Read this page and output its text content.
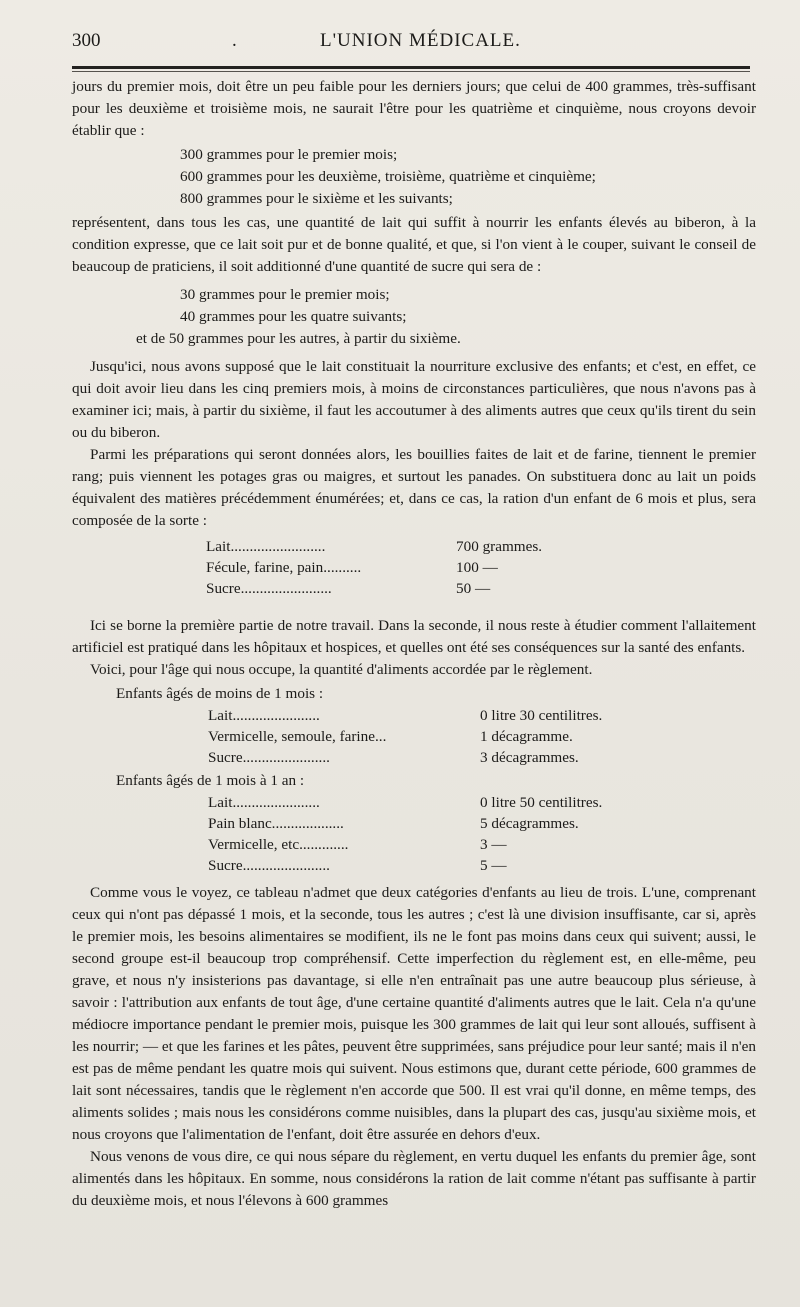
300	.	L'UNION MÉDICALE.

jours du premier mois, doit être un peu faible pour les derniers jours; que celui de 400 grammes, très-suffisant pour les deuxième et troisième mois, ne saurait l'être pour les quatrième et cinquième, nous croyons devoir établir que :

300 grammes pour le premier mois;
600 grammes pour les deuxième, troisième, quatrième et cinquième;
800 grammes pour le sixième et les suivants;

représentent, dans tous les cas, une quantité de lait qui suffit à nourrir les enfants élevés au biberon, à la condition expresse, que ce lait soit pur et de bonne qualité, et que, si l'on vient à le couper, suivant le conseil de beaucoup de praticiens, il soit additionné d'une quantité de sucre qui sera de :

30 grammes pour le premier mois;
40 grammes pour les quatre suivants;
et de 50 grammes pour les autres, à partir du sixième.

Jusqu'ici, nous avons supposé que le lait constituait la nourriture exclusive des enfants; et c'est, en effet, ce qui doit avoir lieu dans les cinq premiers mois, à moins de circonstances particulières, que nous n'avons pas à examiner ici; mais, à partir du sixième, il faut les accoutumer à des aliments autres que ceux qu'ils tirent du sein ou du biberon.

Parmi les préparations qui seront données alors, les bouillies faites de lait et de farine, tiennent le premier rang; puis viennent les potages gras ou maigres, et surtout les panades. On substituera donc au lait un poids équivalent des matières précédemment énumérées; et, dans ce cas, la ration d'un enfant de 6 mois et plus, sera composée de la sorte :

Lait.........................	700 grammes.
Fécule, farine, pain..........	100 —
Sucre........................	50 —

Ici se borne la première partie de notre travail. Dans la seconde, il nous reste à étudier comment l'allaitement artificiel est pratiqué dans les hôpitaux et hospices, et quelles ont été ses conséquences sur la santé des enfants.

Voici, pour l'âge qui nous occupe, la quantité d'aliments accordée par le règlement.

Enfants âgés de moins de 1 mois :
Lait.......................	0 litre 30 centilitres.
Vermicelle, semoule, farine...	1 décagramme.
Sucre.......................	3 décagrammes.
Enfants âgés de 1 mois à 1 an :
Lait.......................	0 litre 50 centilitres.
Pain blanc...................	5 décagrammes.
Vermicelle, etc.............	3 —
Sucre.......................	5 —

Comme vous le voyez, ce tableau n'admet que deux catégories d'enfants au lieu de trois. L'une, comprenant ceux qui n'ont pas dépassé 1 mois, et la seconde, tous les autres ; c'est là une division insuffisante, car si, après le premier mois, les besoins alimentaires se modifient, ils ne le font pas moins dans ceux qui suivent; aussi, le second groupe est-il beaucoup trop compréhensif. Cette imperfection du règlement est, en elle-même, peu grave, et nous n'y insisterions pas davantage, si elle n'en entraînait pas une autre beaucoup plus sérieuse, à savoir : l'attribution aux enfants de tout âge, d'une certaine quantité d'aliments autres que le lait. Cela n'a qu'une médiocre importance pendant le premier mois, puisque les 300 grammes de lait qui leur sont alloués, suffisent à les nourrir; — et que les farines et les pâtes, peuvent être supprimées, sans préjudice pour leur santé; mais il n'en est pas de même pendant les quatre mois qui suivent. Nous estimons que, durant cette période, 600 grammes de lait sont nécessaires, tandis que le règlement n'en accorde que 500. Il est vrai qu'il donne, en même temps, des aliments solides ; mais nous les considérons comme nuisibles, dans la plupart des cas, jusqu'au sixième mois, et nous croyons que l'alimentation de l'enfant, doit être assurée en dehors d'eux.

Nous venons de vous dire, ce qui nous sépare du règlement, en vertu duquel les enfants du premier âge, sont alimentés dans les hôpitaux. En somme, nous considérons la ration de lait comme n'étant pas suffisante à partir du deuxième mois, et nous l'élevons à 600 grammes
